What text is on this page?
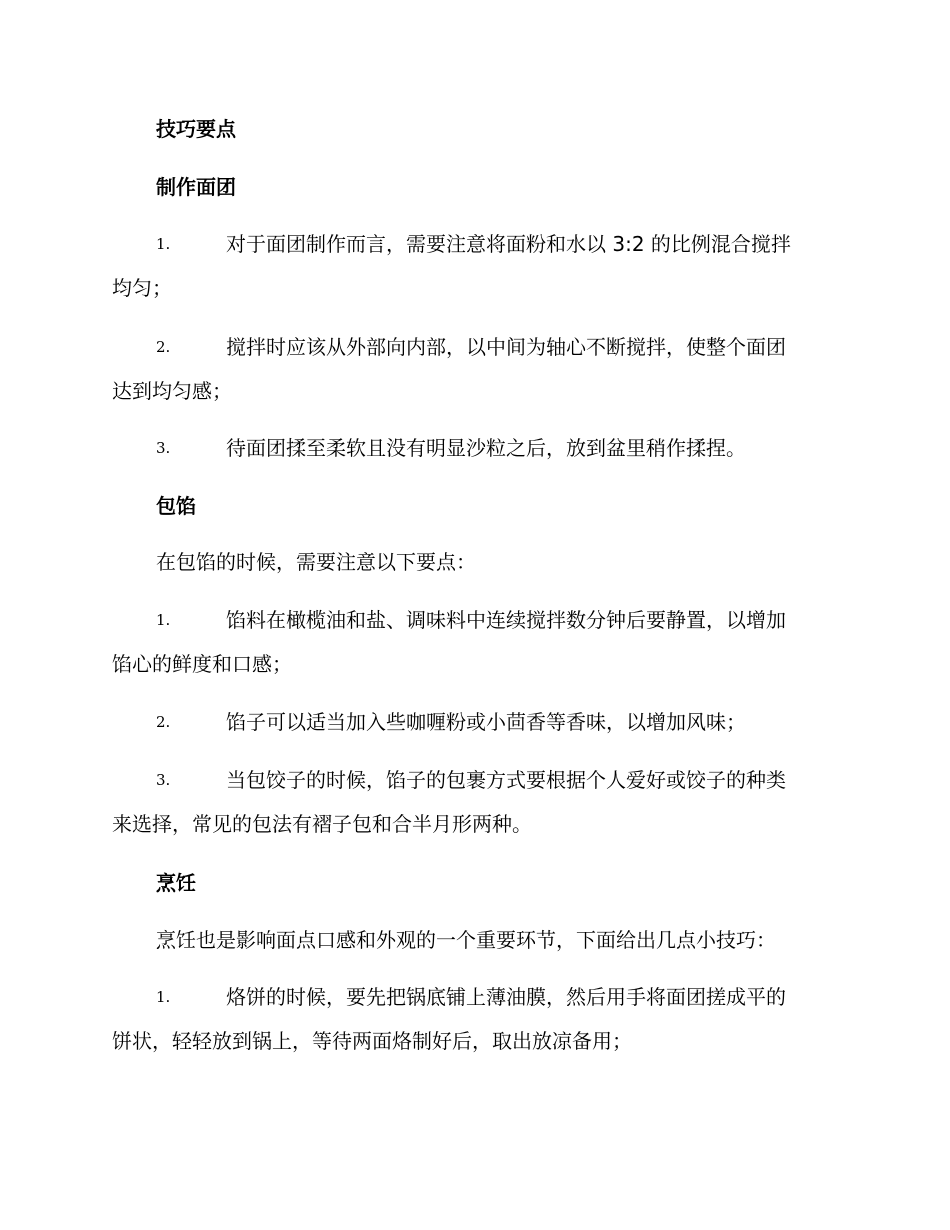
技巧要点
制作面团
1.	对于面团制作而言，需要注意将面粉和水以 3:2 的比例混合搅拌
均匀；
2.	搅拌时应该从外部向内部，以中间为轴心不断搅拌，使整个面团
达到均匀感；
3.	待面团揉至柔软且没有明显沙粒之后，放到盆里稍作揉捏。
包馅
在包馅的时候，需要注意以下要点：
1.	馅料在橄榄油和盐、调味料中连续搅拌数分钟后要静置，以增加
馅心的鲜度和口感；
2.	馅子可以适当加入些咖喱粉或小茴香等香味，以增加风味；
3.	当包饺子的时候，馅子的包裹方式要根据个人爱好或饺子的种类
来选择，常见的包法有褶子包和合半月形两种。
烹饪
烹饪也是影响面点口感和外观的一个重要环节，下面给出几点小技巧：
1.	烙饼的时候，要先把锅底铺上薄油膜，然后用手将面团搓成平的
饼状，轻轻放到锅上，等待两面烙制好后，取出放凉备用；
